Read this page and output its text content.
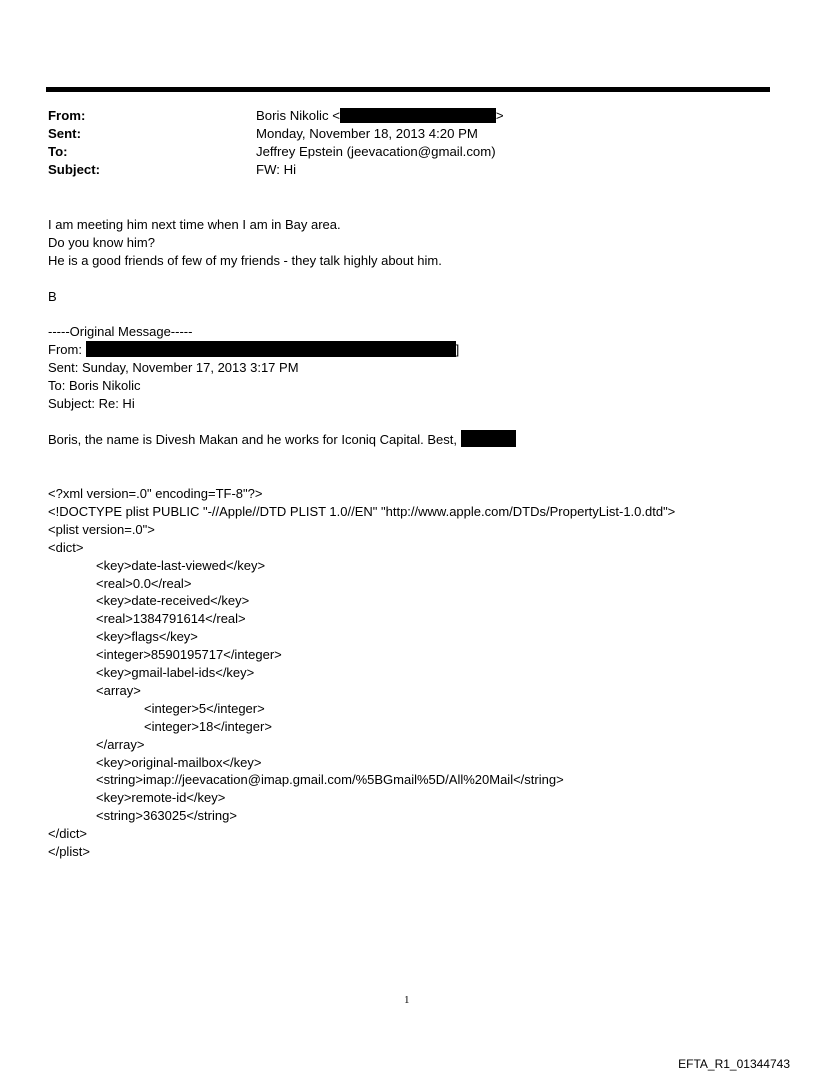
From:	Boris Nikolic <	>
Sent:	Monday, November 18, 2013 4:20 PM
To:	Jeffrey Epstein (jeevacation@gmail.com)
Subject:	FW: Hi
I am meeting him next time when I am in Bay area.
Do you know him?
He is a good friends of few of my friends - they talk highly about him.
B
-----Original Message-----
From:	]
Sent: Sunday, November 17, 2013 3:17 PM
To: Boris Nikolic
Subject: Re: Hi
Boris, the name is Divesh Makan and he works for Iconiq Capital. Best,
<?xml version=.0" encoding=TF-8"?>
<!DOCTYPE plist PUBLIC "-//Apple//DTD PLIST 1.0//EN" "http://www.apple.com/DTDs/PropertyList-1.0.dtd">
<plist version=.0">
<dict>
<key>date-last-viewed</key>
<real>0.0</real>
<key>date-received</key>
<real>1384791614</real>
<key>flags</key>
<integer>8590195717</integer>
<key>gmail-label-ids</key>
<array>
<integer>5</integer>
<integer>18</integer>
</array>
<key>original-mailbox</key>
<string>imap://jeevacation@imap.gmail.com/%5BGmail%5D/All%20Mail</string>
<key>remote-id</key>
<string>363025</string>
</dict>
</plist>
1
EFTA_R1_01344743
